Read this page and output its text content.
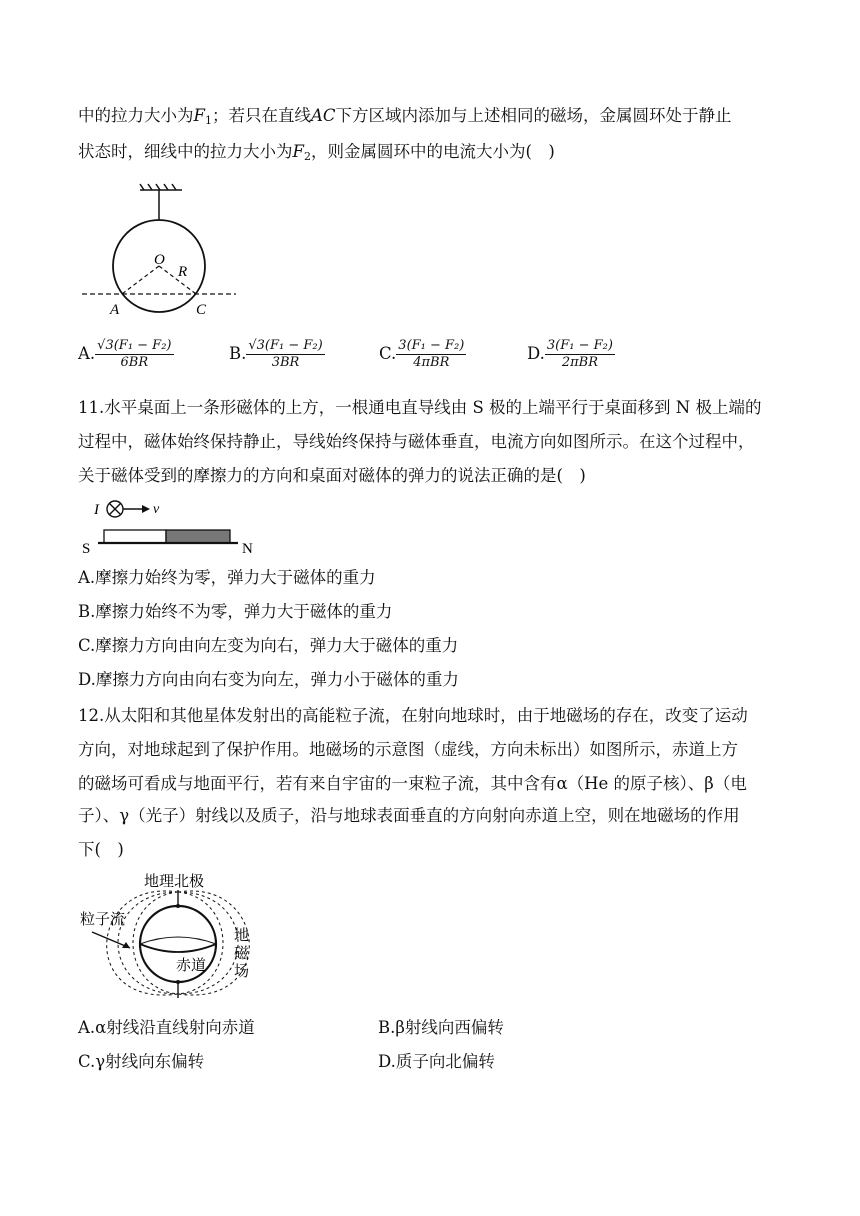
中的拉力大小为$F_1$；若只在直线AC下方区域内添加与上述相同的磁场，金属圆环处于静止
状态时，细线中的拉力大小为$F_2$，则金属圆环中的电流大小为(　)
O
R
A	C
A. $\frac{\text{√3(F₁ − F₂)}}{6BR}$	B. $\frac{\text{√3(F₁ − F₂)}}{3BR}$	C. $\frac{\text{3(F₁ − F₂)}}{\text{4πBR}}$	D. $\frac{\text{3(F₁ − F₂)}}{\text{2πBR}}$
11.水平桌面上一条形磁体的上方，一根通电直导线由 S 极的上端平行于桌面移到 N 极上端的
过程中，磁体始终保持静止，导线始终保持与磁体垂直，电流方向如图所示。在这个过程中，
关于磁体受到的摩擦力的方向和桌面对磁体的弹力的说法正确的是(　)
I	v
S	N
A.摩擦力始终为零，弹力大于磁体的重力
B.摩擦力始终不为零，弹力大于磁体的重力
C.摩擦力方向由向左变为向右，弹力大于磁体的重力
D.摩擦力方向由向右变为向左，弹力小于磁体的重力
12.从太阳和其他星体发射出的高能粒子流，在射向地球时，由于地磁场的存在，改变了运动
方向，对地球起到了保护作用。地磁场的示意图（虚线，方向未标出）如图所示，赤道上方
的磁场可看成与地面平行，若有来自宇宙的一束粒子流，其中含有α（He 的原子核）、β（电
子）、γ（光子）射线以及质子，沿与地球表面垂直的方向射向赤道上空，则在地磁场的作用
下(　)
地理北极
粒子流
赤道
地
磁
场
A.α射线沿直线射向赤道	B.β射线向西偏转
C.γ射线向东偏转	D.质子向北偏转
